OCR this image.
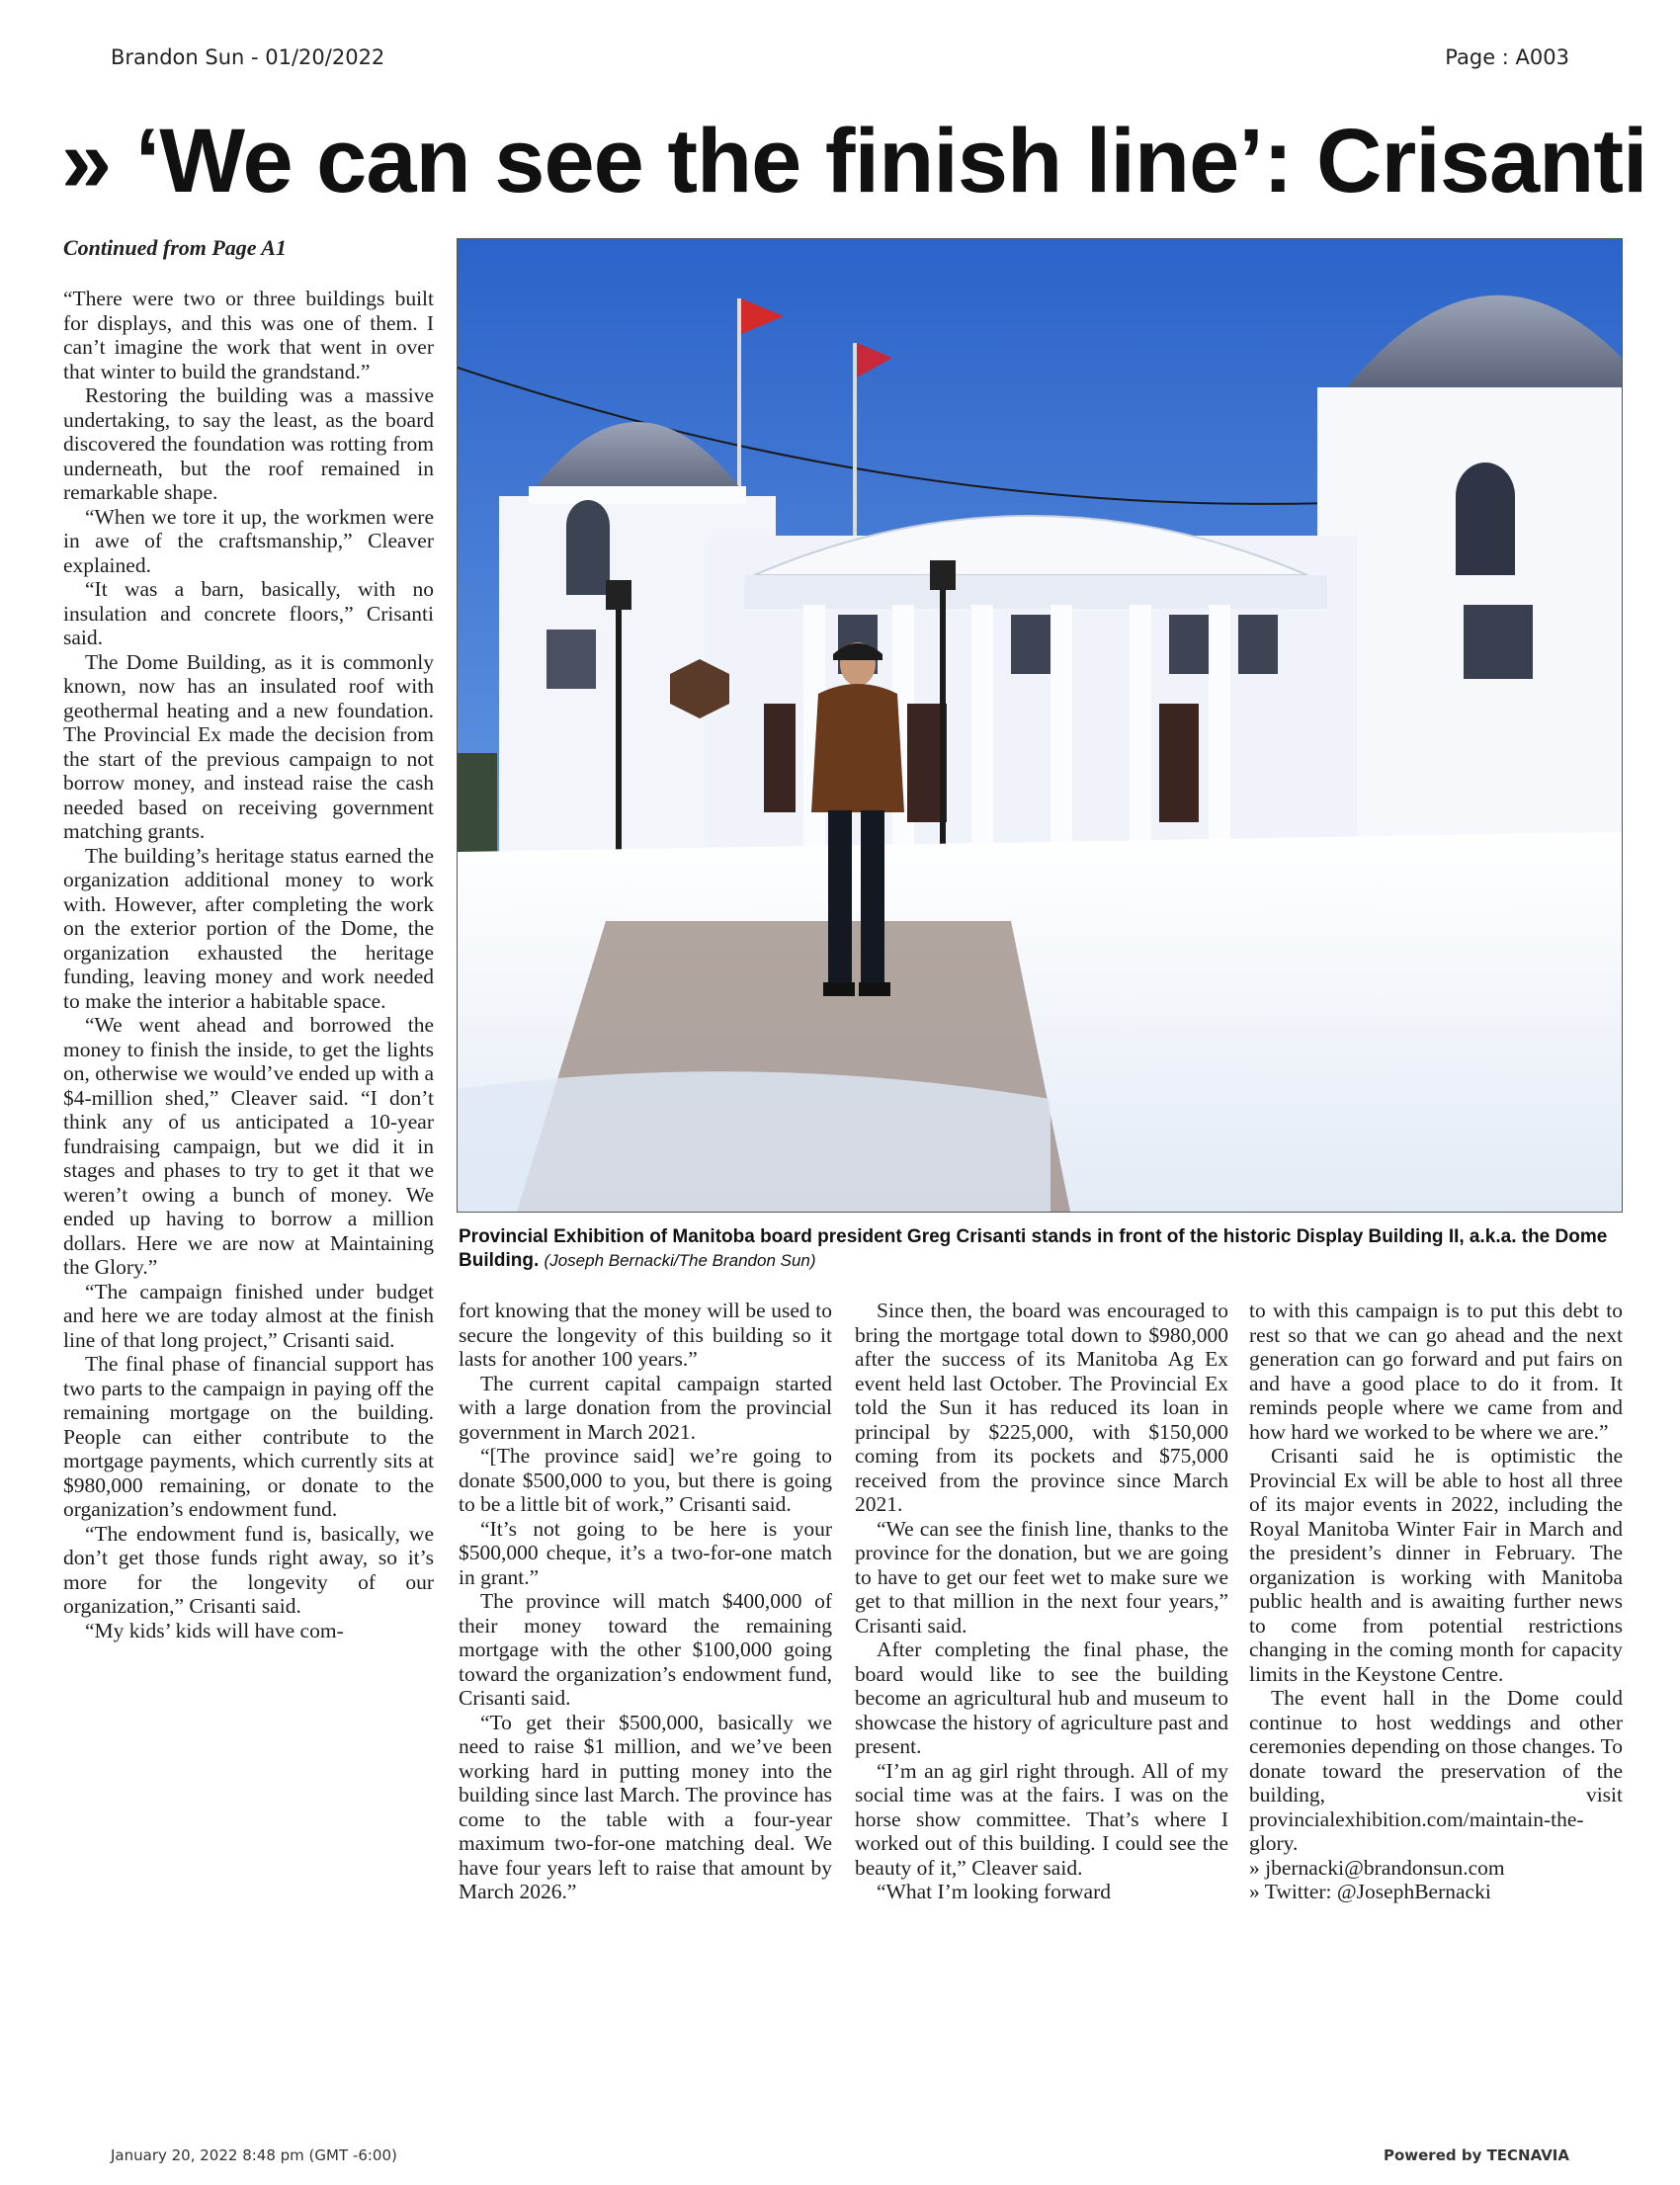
Brandon Sun - 01/20/2022	Page : A003
» ‘We can see the finish line’: Crisanti
Continued from Page A1

“There were two or three buildings built for displays, and this was one of them. I can’t imagine the work that went in over that winter to build the grandstand.”

Restoring the building was a massive undertaking, to say the least, as the board discovered the foundation was rotting from underneath, but the roof remained in remarkable shape.

“When we tore it up, the workmen were in awe of the craftsmanship,” Cleaver explained.

“It was a barn, basically, with no insulation and concrete floors,” Crisanti said.

The Dome Building, as it is commonly known, now has an insulated roof with geothermal heating and a new foundation. The Provincial Ex made the decision from the start of the previous campaign to not borrow money, and instead raise the cash needed based on receiving government matching grants.

The building’s heritage status earned the organization additional money to work with. However, after completing the work on the exterior portion of the Dome, the organization exhausted the heritage funding, leaving money and work needed to make the interior a habitable space.

“We went ahead and borrowed the money to finish the inside, to get the lights on, otherwise we would’ve ended up with a $4-million shed,” Cleaver said. “I don’t think any of us anticipated a 10-year fundraising campaign, but we did it in stages and phases to try to get it that we weren’t owing a bunch of money. We ended up having to borrow a million dollars. Here we are now at Maintaining the Glory.”

“The campaign finished under budget and here we are today almost at the finish line of that long project,” Crisanti said.

The final phase of financial support has two parts to the campaign in paying off the remaining mortgage on the building. People can either contribute to the mortgage payments, which currently sits at $980,000 remaining, or donate to the organization’s endowment fund.

“The endowment fund is, basically, we don’t get those funds right away, so it’s more for the longevity of our organization,” Crisanti said.

“My kids’ kids will have com-

Provincial Exhibition of Manitoba board president Greg Crisanti stands in front of the historic Display Building II, a.k.a. the Dome Building. (Joseph Bernacki/The Brandon Sun)

fort knowing that the money will be used to secure the longevity of this building so it lasts for another 100 years.”

The current capital campaign started with a large donation from the provincial government in March 2021.

“[The province said] we’re going to donate $500,000 to you, but there is going to be a little bit of work,” Crisanti said.

“It’s not going to be here is your $500,000 cheque, it’s a two-for-one match in grant.”

The province will match $400,000 of their money toward the remaining mortgage with the other $100,000 going toward the organization’s endowment fund, Crisanti said.

“To get their $500,000, basically we need to raise $1 million, and we’ve been working hard in putting money into the building since last March. The province has come to the table with a four-year maximum two-for-one matching deal. We have four years left to raise that amount by March 2026.”

Since then, the board was encouraged to bring the mortgage total down to $980,000 after the success of its Manitoba Ag Ex event held last October. The Provincial Ex told the Sun it has reduced its loan in principal by $225,000, with $150,000 coming from its pockets and $75,000 received from the province since March 2021.

“We can see the finish line, thanks to the province for the donation, but we are going to have to get our feet wet to make sure we get to that million in the next four years,” Crisanti said.

After completing the final phase, the board would like to see the building become an agricultural hub and museum to showcase the history of agriculture past and present.

“I’m an ag girl right through. All of my social time was at the fairs. I was on the horse show committee. That’s where I worked out of this building. I could see the beauty of it,” Cleaver said.

“What I’m looking forward

to with this campaign is to put this debt to rest so that we can go ahead and the next generation can go forward and put fairs on and have a good place to do it from. It reminds people where we came from and how hard we worked to be where we are.”

Crisanti said he is optimistic the Provincial Ex will be able to host all three of its major events in 2022, including the Royal Manitoba Winter Fair in March and the president’s dinner in February. The organization is working with Manitoba public health and is awaiting further news to come from potential restrictions changing in the coming month for capacity limits in the Keystone Centre.

The event hall in the Dome could continue to host weddings and other ceremonies depending on those changes. To donate toward the preservation of the building, visit provincialexhibition.com/maintain-the-glory.

» jbernacki@brandonsun.com

» Twitter: @JosephBernacki

January 20, 2022 8:48 pm (GMT -6:00)	Powered by TECNAVIA
